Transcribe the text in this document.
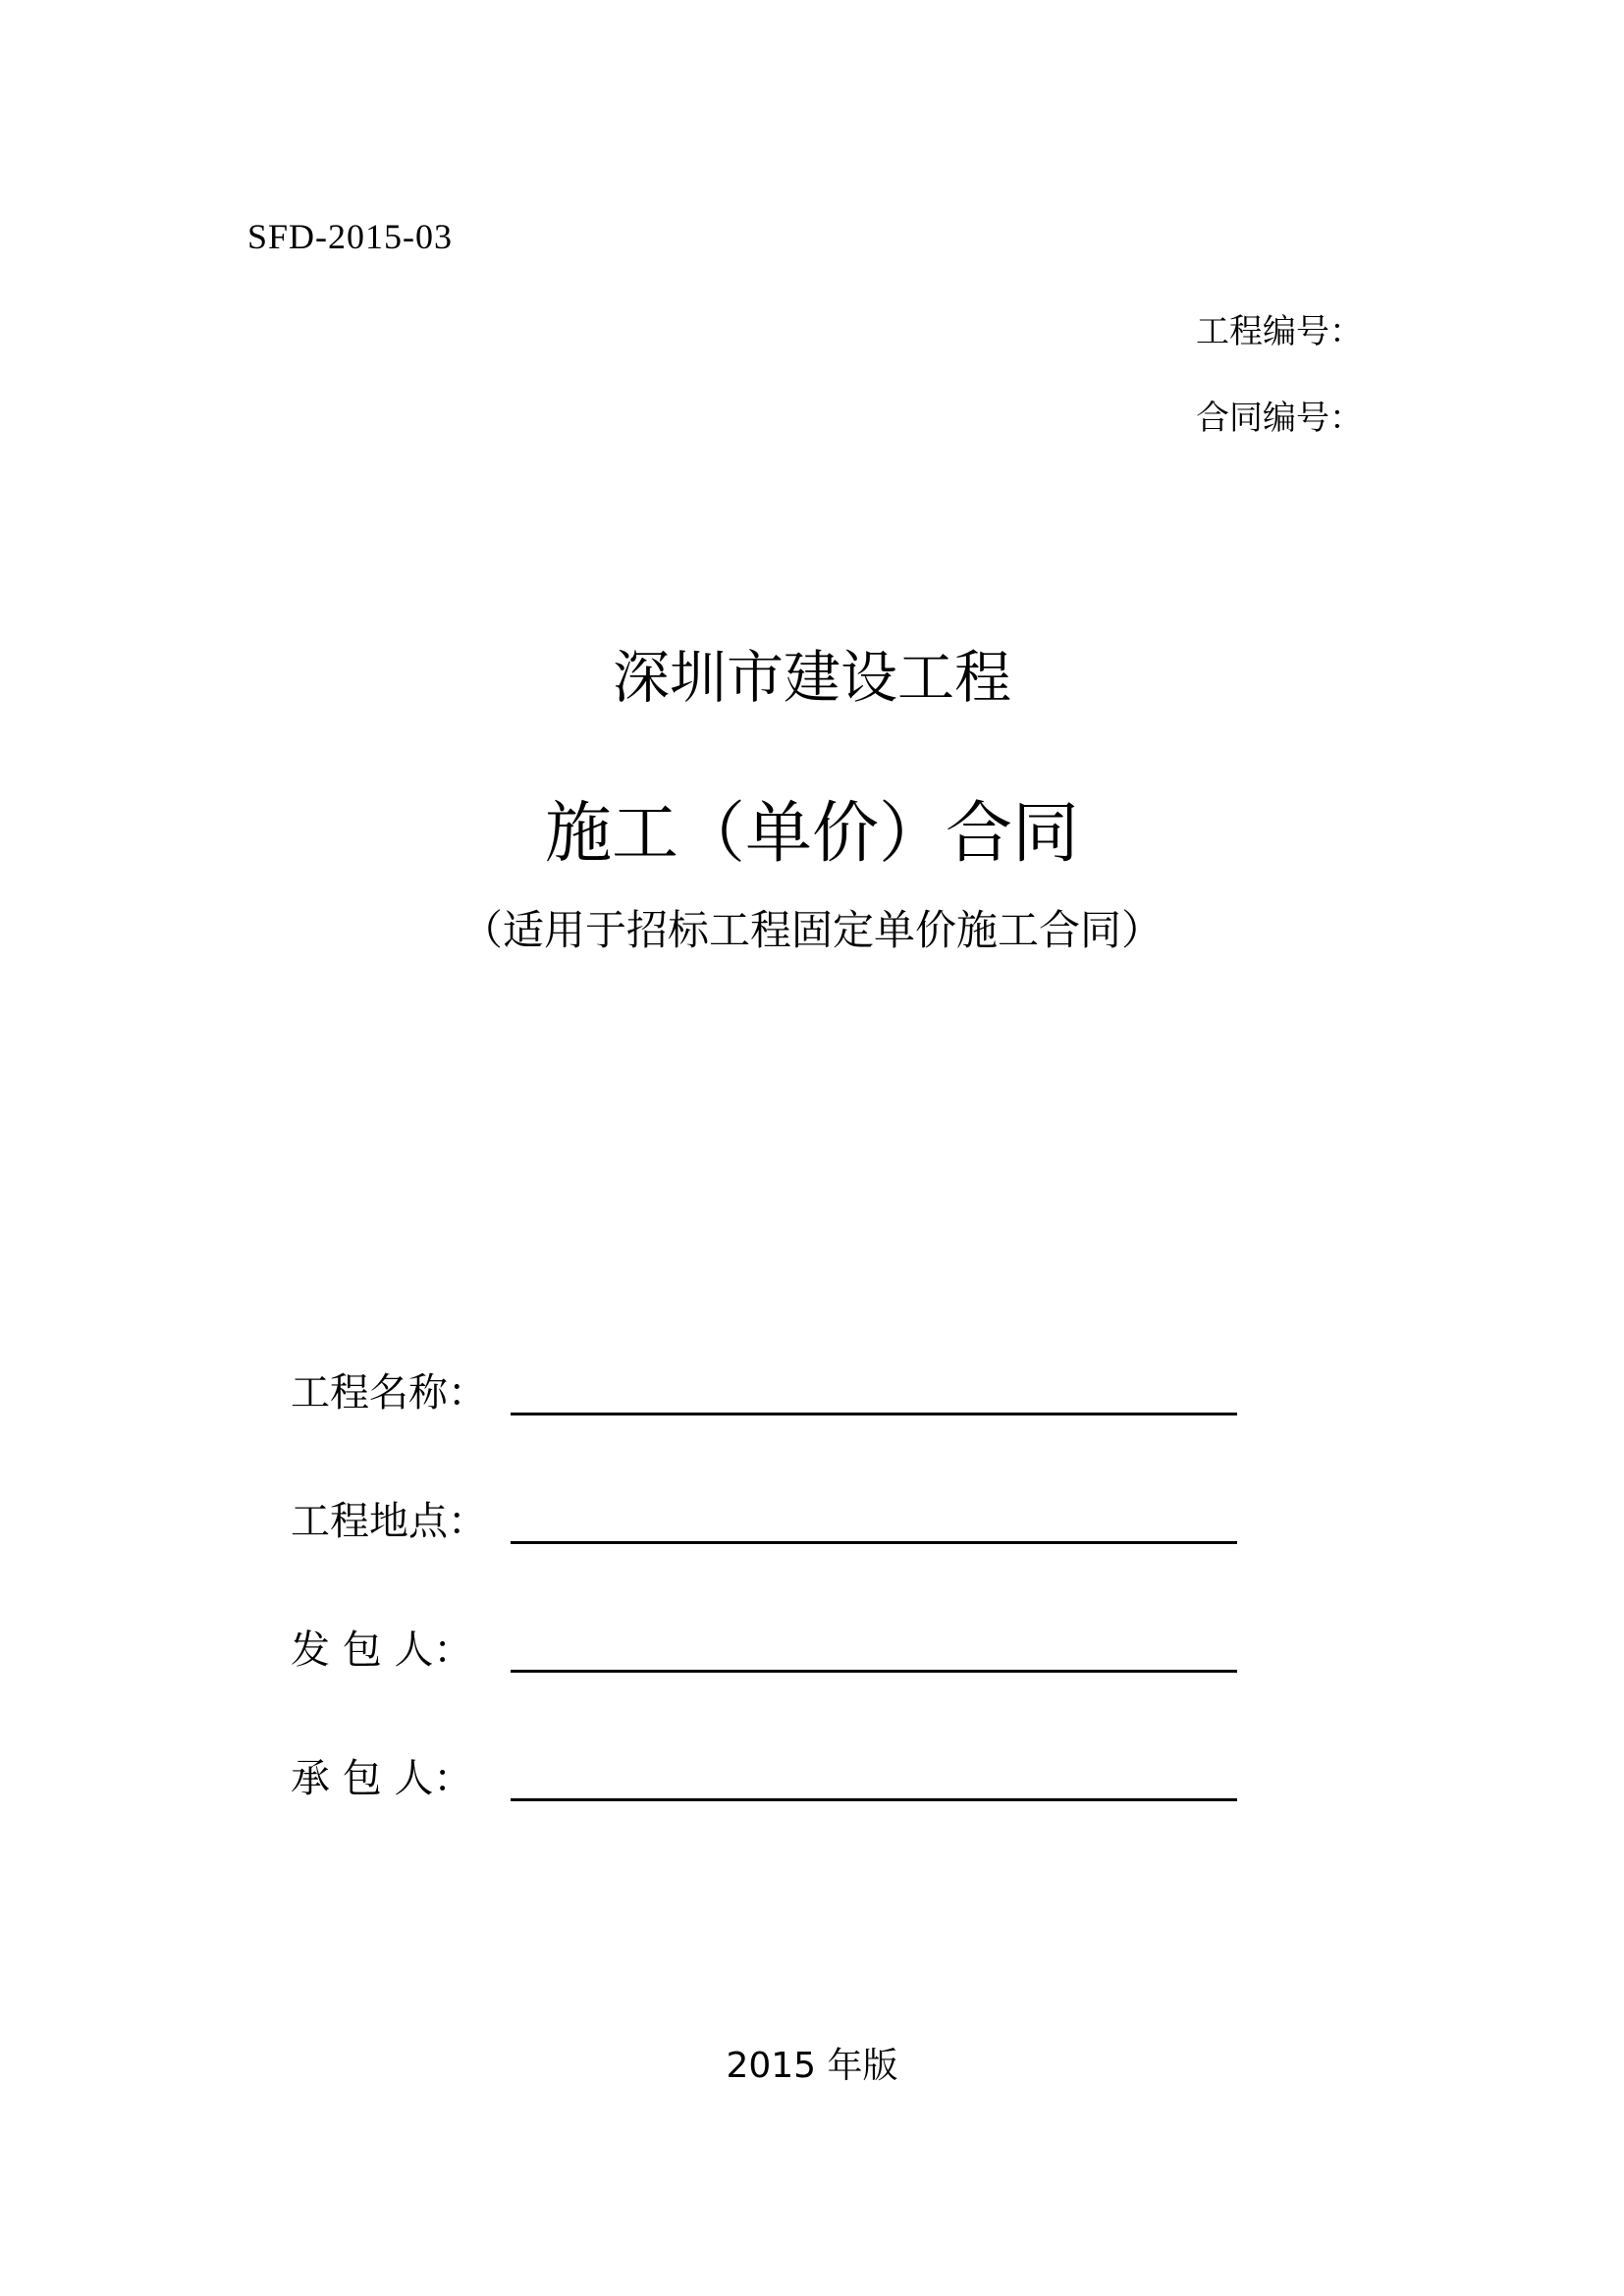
SFD-2015-03
工程编号：
合同编号：
深圳市建设工程
施工（单价）合同
（适用于招标工程固定单价施工合同）
工程名称：
工程地点：
发 包 人：
承 包 人：
2015 年版
